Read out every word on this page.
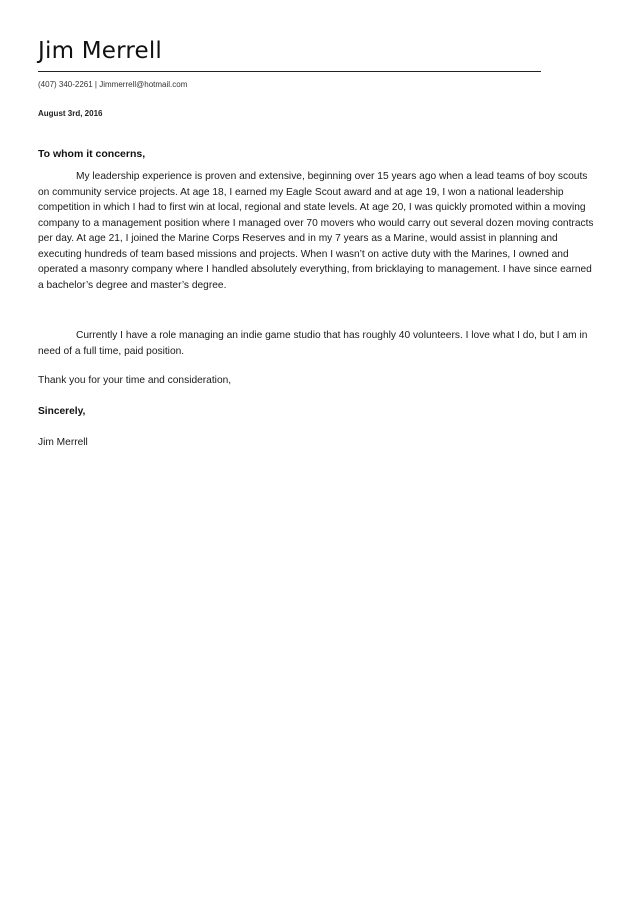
Jim Merrell
(407) 340-2261 | Jimmerrell@hotmail.com
August 3rd, 2016
To whom it concerns,

My leadership experience is proven and extensive, beginning over 15 years ago when a lead teams of boy scouts on community service projects. At age 18, I earned my Eagle Scout award and at age 19, I won a national leadership competition in which I had to first win at local, regional and state levels. At age 20, I was quickly promoted within a moving company to a management position where I managed over 70 movers who would carry out several dozen moving contracts per day. At age 21, I joined the Marine Corps Reserves and in my 7 years as a Marine, would assist in planning and executing hundreds of team based missions and projects. When I wasn’t on active duty with the Marines, I owned and operated a masonry company where I handled absolutely everything, from bricklaying to management. I have since earned a bachelor’s degree and master’s degree.

Currently I have a role managing an indie game studio that has roughly 40 volunteers. I love what I do, but I am in need of a full time, paid position.

Thank you for your time and consideration,
Sincerely,
Jim Merrell
